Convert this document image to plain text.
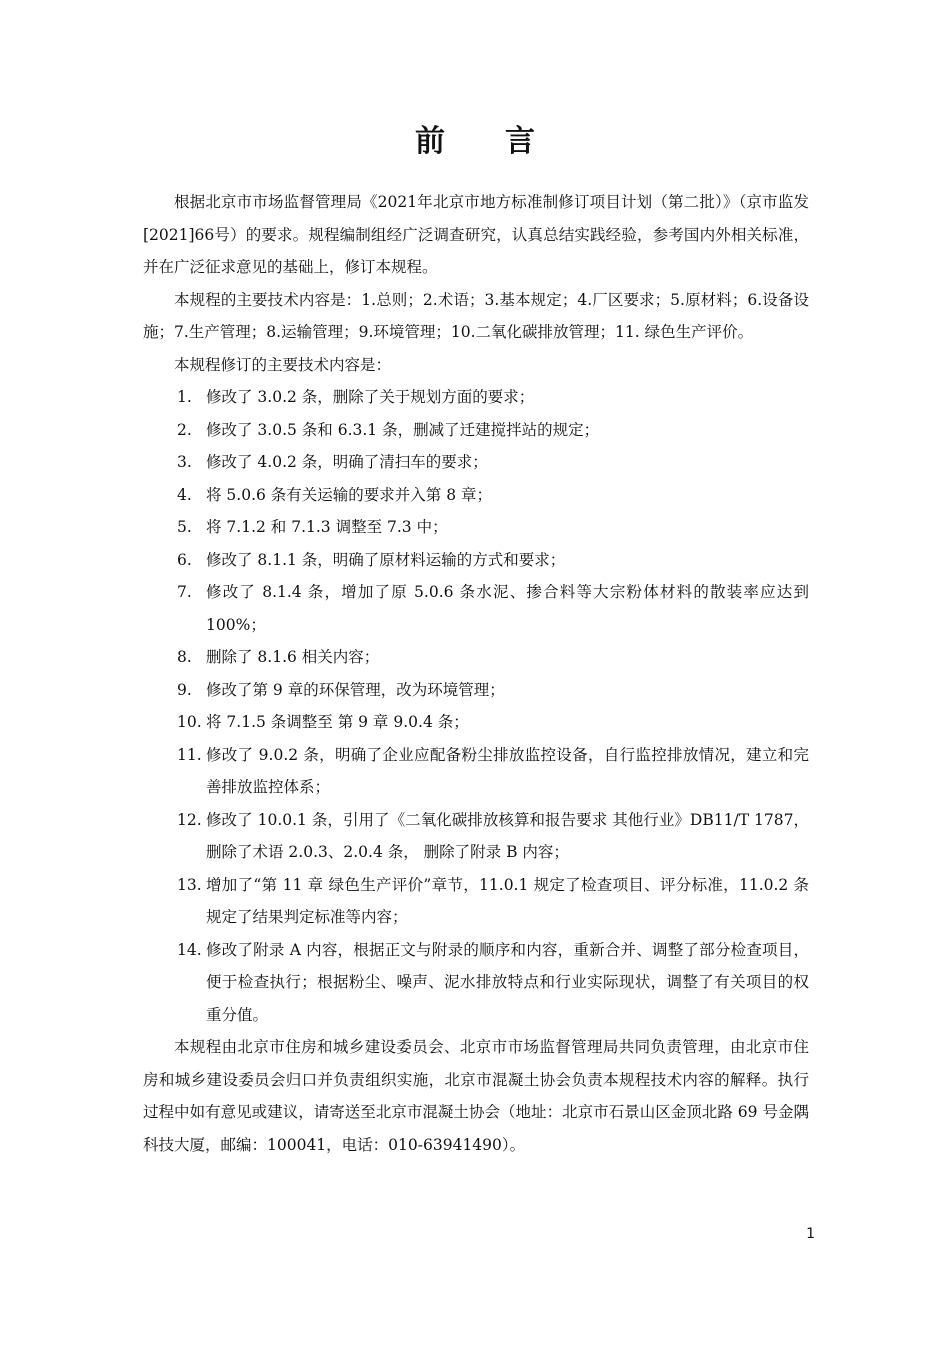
前 言

根据北京市市场监督管理局《2021年北京市地方标准制修订项目计划（第二批）》（京市监发[2021]66号）的要求。规程编制组经广泛调查研究，认真总结实践经验，参考国内外相关标准，并在广泛征求意见的基础上，修订本规程。

本规程的主要技术内容是：1.总则；2.术语；3.基本规定；4.厂区要求；5.原材料；6.设备设施；7.生产管理；8.运输管理；9.环境管理；10.二氧化碳排放管理；11. 绿色生产评价。

本规程修订的主要技术内容是：

1. 修改了 3.0.2 条，删除了关于规划方面的要求；
2. 修改了 3.0.5 条和 6.3.1 条，删减了迁建搅拌站的规定；
3. 修改了 4.0.2 条，明确了清扫车的要求；
4. 将 5.0.6 条有关运输的要求并入第 8 章；
5. 将 7.1.2 和 7.1.3 调整至 7.3 中；
6. 修改了 8.1.1 条，明确了原材料运输的方式和要求；
7. 修改了 8.1.4 条，增加了原 5.0.6 条水泥、掺合料等大宗粉体材料的散装率应达到100%；
8. 删除了 8.1.6 相关内容；
9. 修改了第 9 章的环保管理，改为环境管理；
10. 将 7.1.5 条调整至 第 9 章 9.0.4 条；
11. 修改了 9.0.2 条，明确了企业应配备粉尘排放监控设备，自行监控排放情况，建立和完善排放监控体系；
12. 修改了 10.0.1 条，引用了《二氧化碳排放核算和报告要求 其他行业》DB11/T 1787，删除了术语 2.0.3、2.0.4 条， 删除了附录 B 内容；
13. 增加了“第 11 章 绿色生产评价”章节，11.0.1 规定了检查项目、评分标准，11.0.2 条规定了结果判定标准等内容；
14. 修改了附录 A 内容，根据正文与附录的顺序和内容，重新合并、调整了部分检查项目，便于检查执行；根据粉尘、噪声、泥水排放特点和行业实际现状，调整了有关项目的权重分值。

本规程由北京市住房和城乡建设委员会、北京市市场监督管理局共同负责管理，由北京市住房和城乡建设委员会归口并负责组织实施，北京市混凝土协会负责本规程技术内容的解释。执行过程中如有意见或建议，请寄送至北京市混凝土协会（地址：北京市石景山区金顶北路 69 号金隅科技大厦，邮编：100041，电话：010-63941490）。

1
